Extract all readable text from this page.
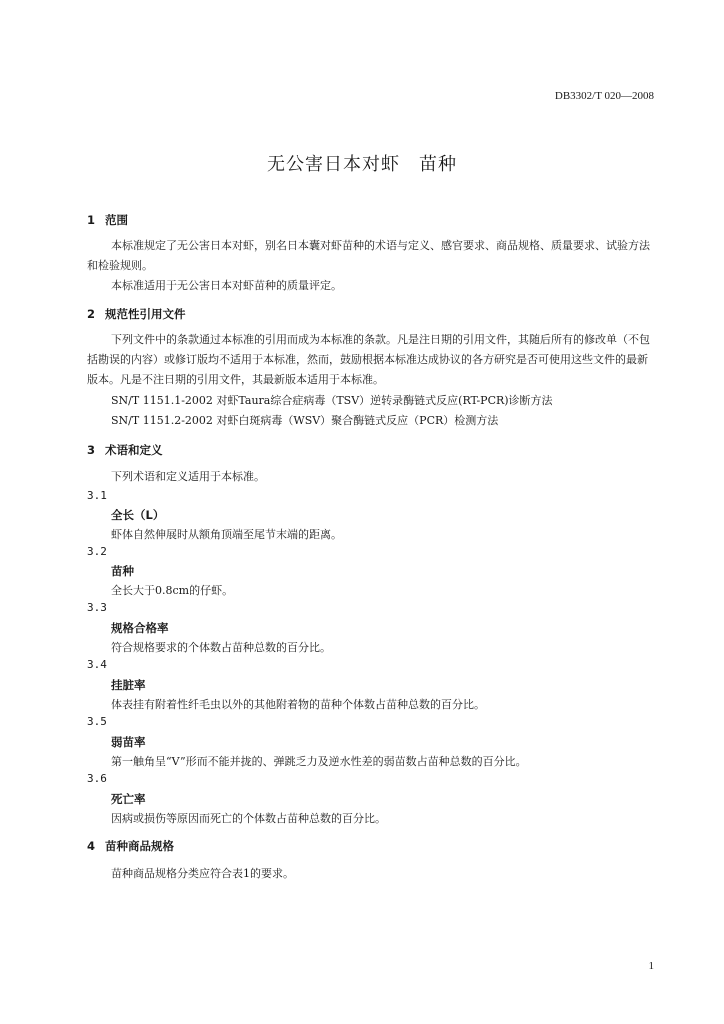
DB3302/T 020—2008
无公害日本对虾　苗种
1 范围
本标准规定了无公害日本对虾，别名日本囊对虾苗种的术语与定义、感官要求、商品规格、质量要求、试验方法和检验规则。
本标准适用于无公害日本对虾苗种的质量评定。
2 规范性引用文件
下列文件中的条款通过本标准的引用而成为本标准的条款。凡是注日期的引用文件，其随后所有的修改单（不包括勘误的内容）或修订版均不适用于本标准，然而，鼓励根据本标准达成协议的各方研究是否可使用这些文件的最新版本。凡是不注日期的引用文件，其最新版本适用于本标准。
SN/T 1151.1-2002 对虾Taura综合症病毒（TSV）逆转录酶链式反应(RT-PCR)诊断方法
SN/T 1151.2-2002 对虾白斑病毒（WSV）聚合酶链式反应（PCR）检测方法
3 术语和定义
下列术语和定义适用于本标准。
3.1
全长（L）
虾体自然伸展时从额角顶端至尾节末端的距离。
3.2
苗种
全长大于0.8cm的仔虾。
3.3
规格合格率
符合规格要求的个体数占苗种总数的百分比。
3.4
挂脏率
体表挂有附着性纤毛虫以外的其他附着物的苗种个体数占苗种总数的百分比。
3.5
弱苗率
第一触角呈“V”形而不能并拢的、弹跳乏力及逆水性差的弱苗数占苗种总数的百分比。
3.6
死亡率
因病或损伤等原因而死亡的个体数占苗种总数的百分比。
4 苗种商品规格
苗种商品规格分类应符合表1的要求。
1
